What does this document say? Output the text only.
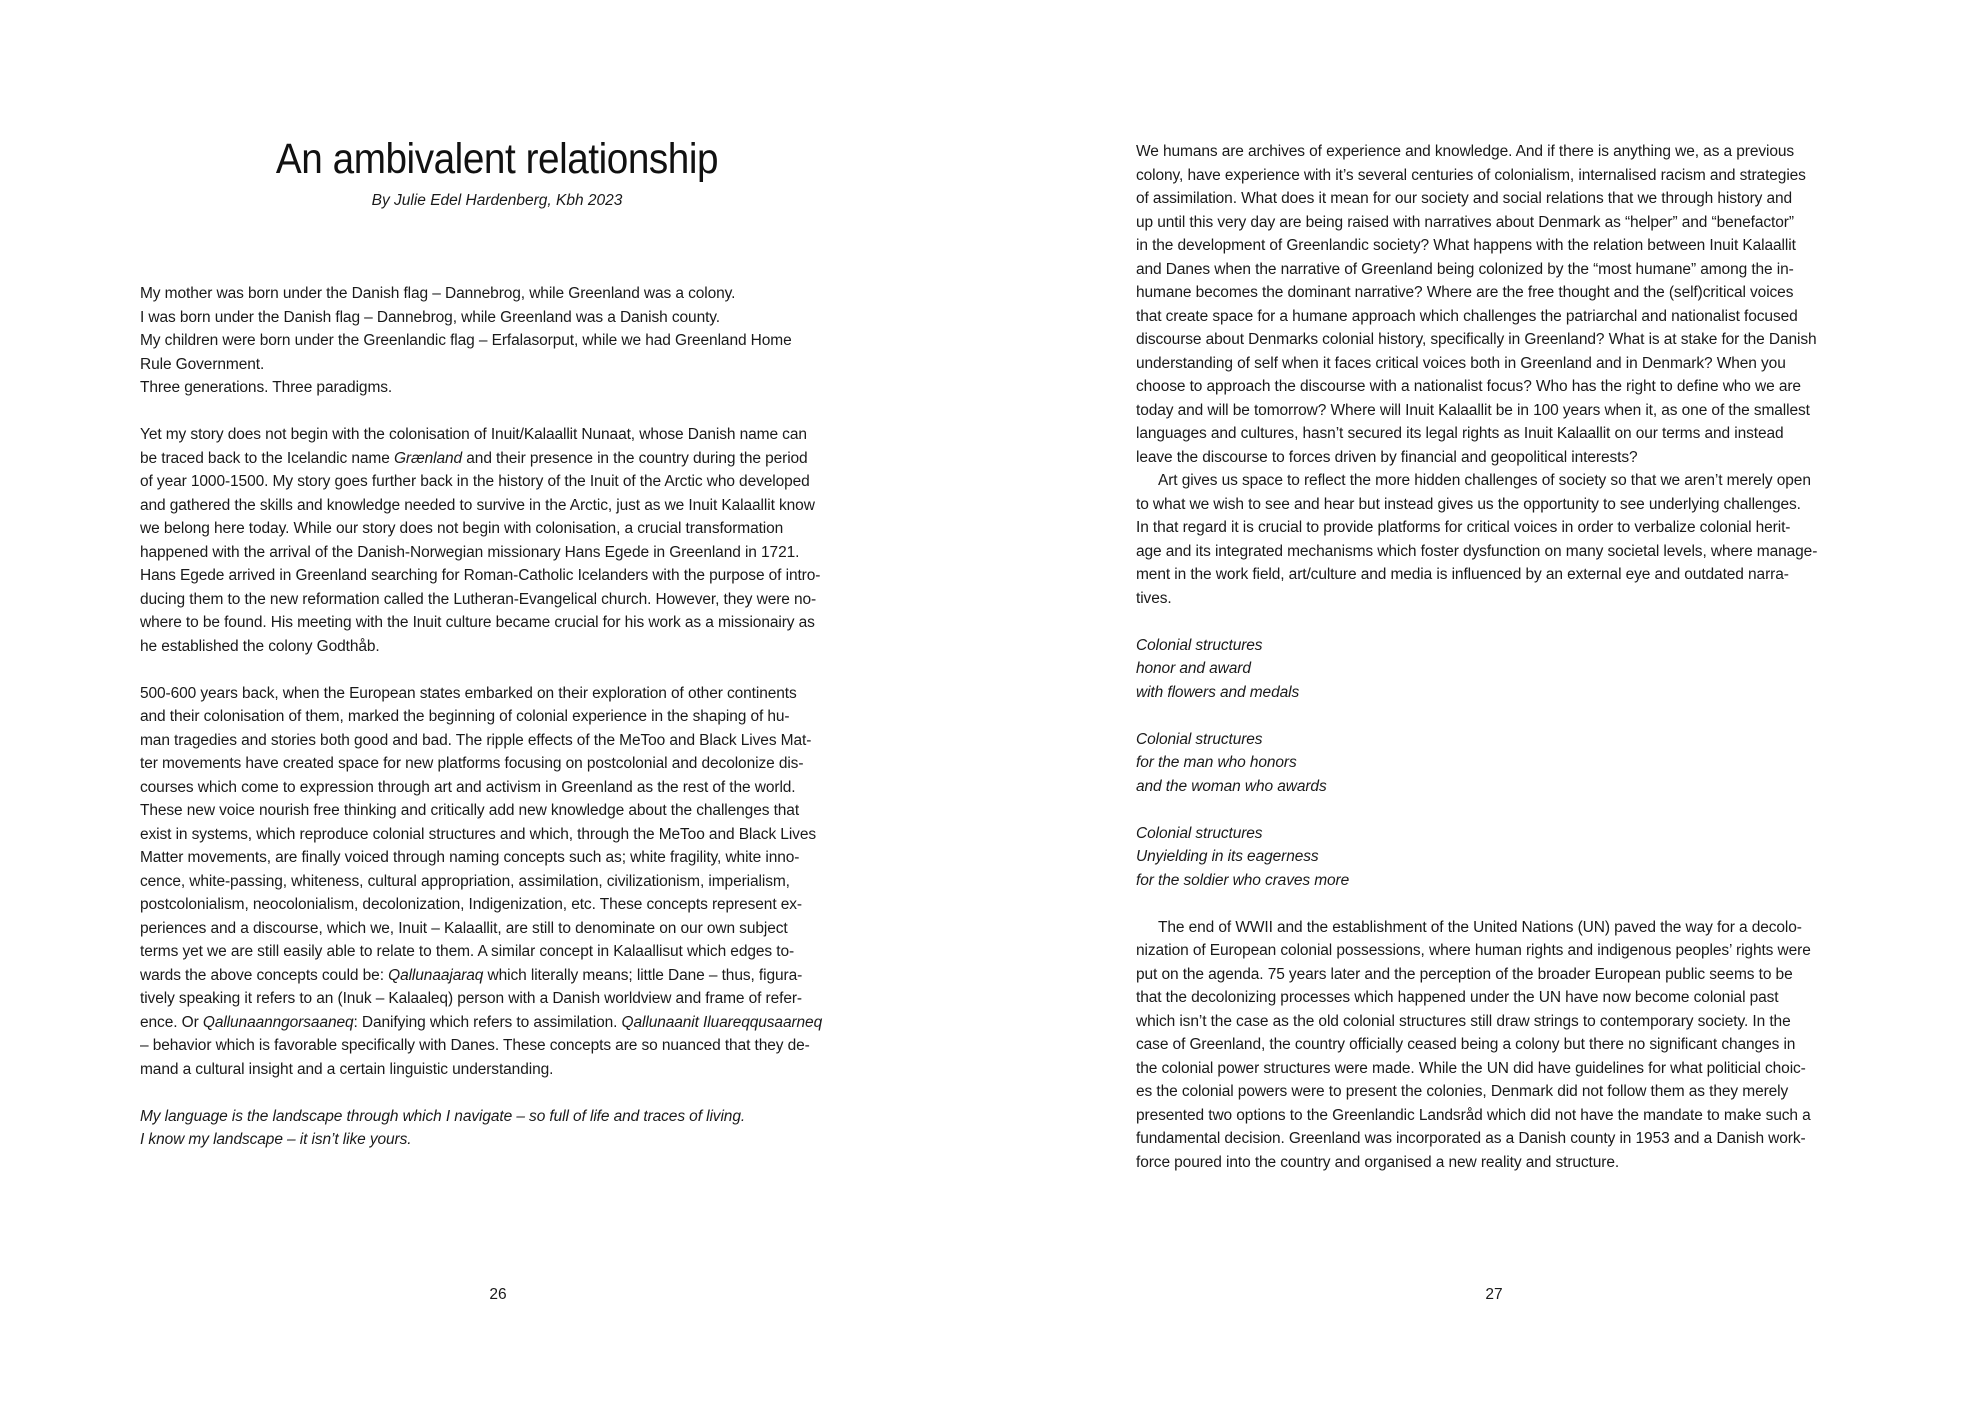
An ambivalent relationship

By Julie Edel Hardenberg, Kbh 2023

My mother was born under the Danish flag – Dannebrog, while Greenland was a colony.
I was born under the Danish flag – Dannebrog, while Greenland was a Danish county.
My children were born under the Greenlandic flag – Erfalasorput, while we had Greenland Home
Rule Government.
Three generations. Three paradigms.

Yet my story does not begin with the colonisation of Inuit/Kalaallit Nunaat, whose Danish name can
be traced back to the Icelandic name Grænland and their presence in the country during the period
of year 1000-1500. My story goes further back in the history of the Inuit of the Arctic who developed
and gathered the skills and knowledge needed to survive in the Arctic, just as we Inuit Kalaallit know
we belong here today. While our story does not begin with colonisation, a crucial transformation
happened with the arrival of the Danish-Norwegian missionary Hans Egede in Greenland in 1721.
Hans Egede arrived in Greenland searching for Roman-Catholic Icelanders with the purpose of intro-
ducing them to the new reformation called the Lutheran-Evangelical church. However, they were no-
where to be found. His meeting with the Inuit culture became crucial for his work as a missionairy as
he established the colony Godthåb.

500-600 years back, when the European states embarked on their exploration of other continents
and their colonisation of them, marked the beginning of colonial experience in the shaping of hu-
man tragedies and stories both good and bad. The ripple effects of the MeToo and Black Lives Mat-
ter movements have created space for new platforms focusing on postcolonial and decolonize dis-
courses which come to expression through art and activism in Greenland as the rest of the world.
These new voice nourish free thinking and critically add new knowledge about the challenges that
exist in systems, which reproduce colonial structures and which, through the MeToo and Black Lives
Matter movements, are finally voiced through naming concepts such as; white fragility, white inno-
cence, white-passing, whiteness, cultural appropriation, assimilation, civilizationism, imperialism,
postcolonialism, neocolonialism, decolonization, Indigenization, etc. These concepts represent ex-
periences and a discourse, which we, Inuit – Kalaallit, are still to denominate on our own subject
terms yet we are still easily able to relate to them. A similar concept in Kalaallisut which edges to-
wards the above concepts could be: Qallunaajaraq which literally means; little Dane – thus, figura-
tively speaking it refers to an (Inuk – Kalaaleq) person with a Danish worldview and frame of refer-
ence. Or Qallunaanngorsaaneq: Danifying which refers to assimilation. Qallunaanit Iluareqqusaarneq
– behavior which is favorable specifically with Danes. These concepts are so nuanced that they de-
mand a cultural insight and a certain linguistic understanding.

My language is the landscape through which I navigate – so full of life and traces of living.
I know my landscape – it isn’t like yours.

26

We humans are archives of experience and knowledge. And if there is anything we, as a previous
colony, have experience with it’s several centuries of colonialism, internalised racism and strategies
of assimilation. What does it mean for our society and social relations that we through history and
up until this very day are being raised with narratives about Denmark as “helper” and “benefactor”
in the development of Greenlandic society? What happens with the relation between Inuit Kalaallit
and Danes when the narrative of Greenland being colonized by the “most humane” among the in-
humane becomes the dominant narrative? Where are the free thought and the (self)critical voices
that create space for a humane approach which challenges the patriarchal and nationalist focused
discourse about Denmarks colonial history, specifically in Greenland? What is at stake for the Danish
understanding of self when it faces critical voices both in Greenland and in Denmark? When you
choose to approach the discourse with a nationalist focus? Who has the right to define who we are
today and will be tomorrow? Where will Inuit Kalaallit be in 100 years when it, as one of the smallest
languages and cultures, hasn’t secured its legal rights as Inuit Kalaallit on our terms and instead
leave the discourse to forces driven by financial and geopolitical interests?

Art gives us space to reflect the more hidden challenges of society so that we aren’t merely open
to what we wish to see and hear but instead gives us the opportunity to see underlying challenges.
In that regard it is crucial to provide platforms for critical voices in order to verbalize colonial herit-
age and its integrated mechanisms which foster dysfunction on many societal levels, where manage-
ment in the work field, art/culture and media is influenced by an external eye and outdated narra-
tives.

Colonial structures
honor and award
with flowers and medals

Colonial structures
for the man who honors
and the woman who awards

Colonial structures
Unyielding in its eagerness
for the soldier who craves more

The end of WWII and the establishment of the United Nations (UN) paved the way for a decolo-
nization of European colonial possessions, where human rights and indigenous peoples’ rights were
put on the agenda. 75 years later and the perception of the broader European public seems to be
that the decolonizing processes which happened under the UN have now become colonial past
which isn’t the case as the old colonial structures still draw strings to contemporary society. In the
case of Greenland, the country officially ceased being a colony but there no significant changes in
the colonial power structures were made. While the UN did have guidelines for what politicial choic-
es the colonial powers were to present the colonies, Denmark did not follow them as they merely
presented two options to the Greenlandic Landsråd which did not have the mandate to make such a
fundamental decision. Greenland was incorporated as a Danish county in 1953 and a Danish work-
force poured into the country and organised a new reality and structure.

27
